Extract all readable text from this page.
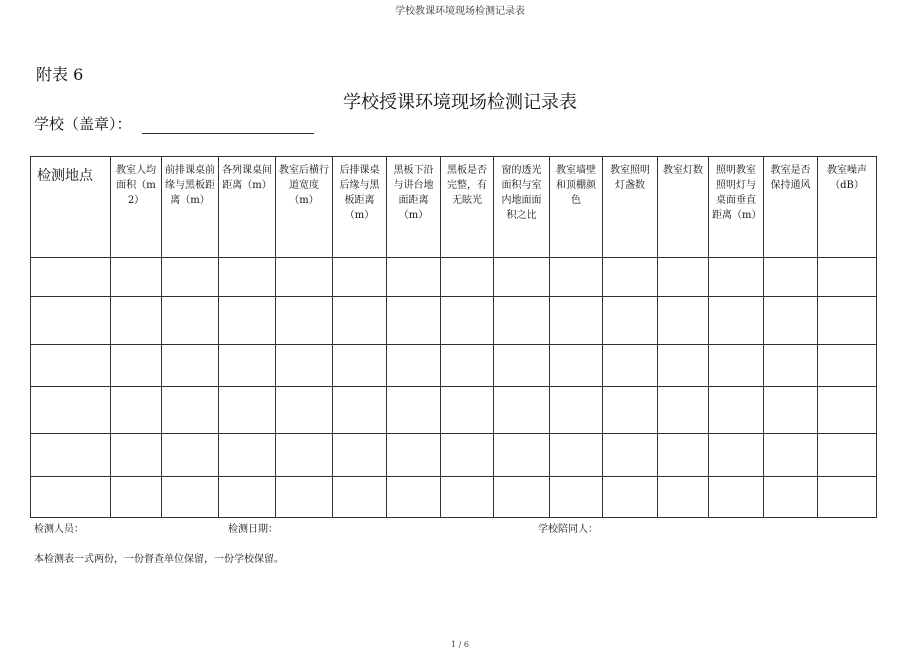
学校教课环境现场检测记录表
附表 6
学校授课环境现场检测记录表
学校（盖章）：
检测地点	教室人均面积（m2）	前排课桌前缘与黑板距离（m）	各列课桌间距离（m）	教室后横行道宽度（m）	后排课桌后缘与黑板距离（m）	黑板下沿与讲台地面距离（m）	黑板是否完整，有无眩光	窗的透光面积与室内地面面积之比	教室墙壁和顶棚颜色	教室照明灯盏数	教室灯数	照明教室照明灯与桌面垂直距离（m）	教室是否保持通风	教室噪声（dB）

检测人员：	检测日期：	学校陪同人：
本检测表一式两份，一份督查单位保留，一份学校保留。
1 / 6
